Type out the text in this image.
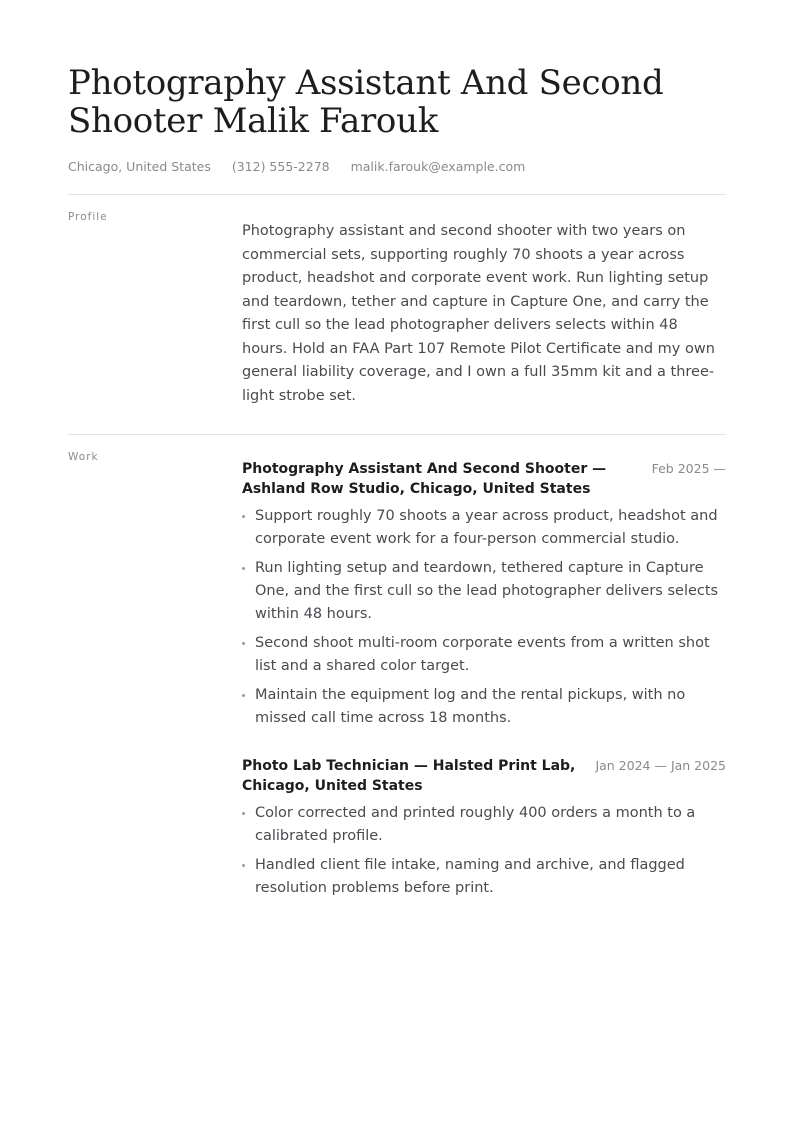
Photography Assistant And Second Shooter Malik Farouk
Chicago, United States (312) 555-2278 malik.farouk@example.com
Profile

Photography assistant and second shooter with two years on commercial sets, supporting roughly 70 shoots a year across product, headshot and corporate event work. Run lighting setup and teardown, tether and capture in Capture One, and carry the first cull so the lead photographer delivers selects within 48 hours. Hold an FAA Part 107 Remote Pilot Certificate and my own general liability coverage, and I own a full 35mm kit and a three-light strobe set.

Work
Photography Assistant And Second Shooter — Ashland Row Studio, Chicago, United States
Feb 2025 —
Support roughly 70 shoots a year across product, headshot and corporate event work for a four-person commercial studio.
Run lighting setup and teardown, tethered capture in Capture One, and the first cull so the lead photographer delivers selects within 48 hours.
Second shoot multi-room corporate events from a written shot list and a shared color target.
Maintain the equipment log and the rental pickups, with no missed call time across 18 months.
Photo Lab Technician — Halsted Print Lab, Chicago, United States
Jan 2024 — Jan 2025
Color corrected and printed roughly 400 orders a month to a calibrated profile.
Handled client file intake, naming and archive, and flagged resolution problems before print.
